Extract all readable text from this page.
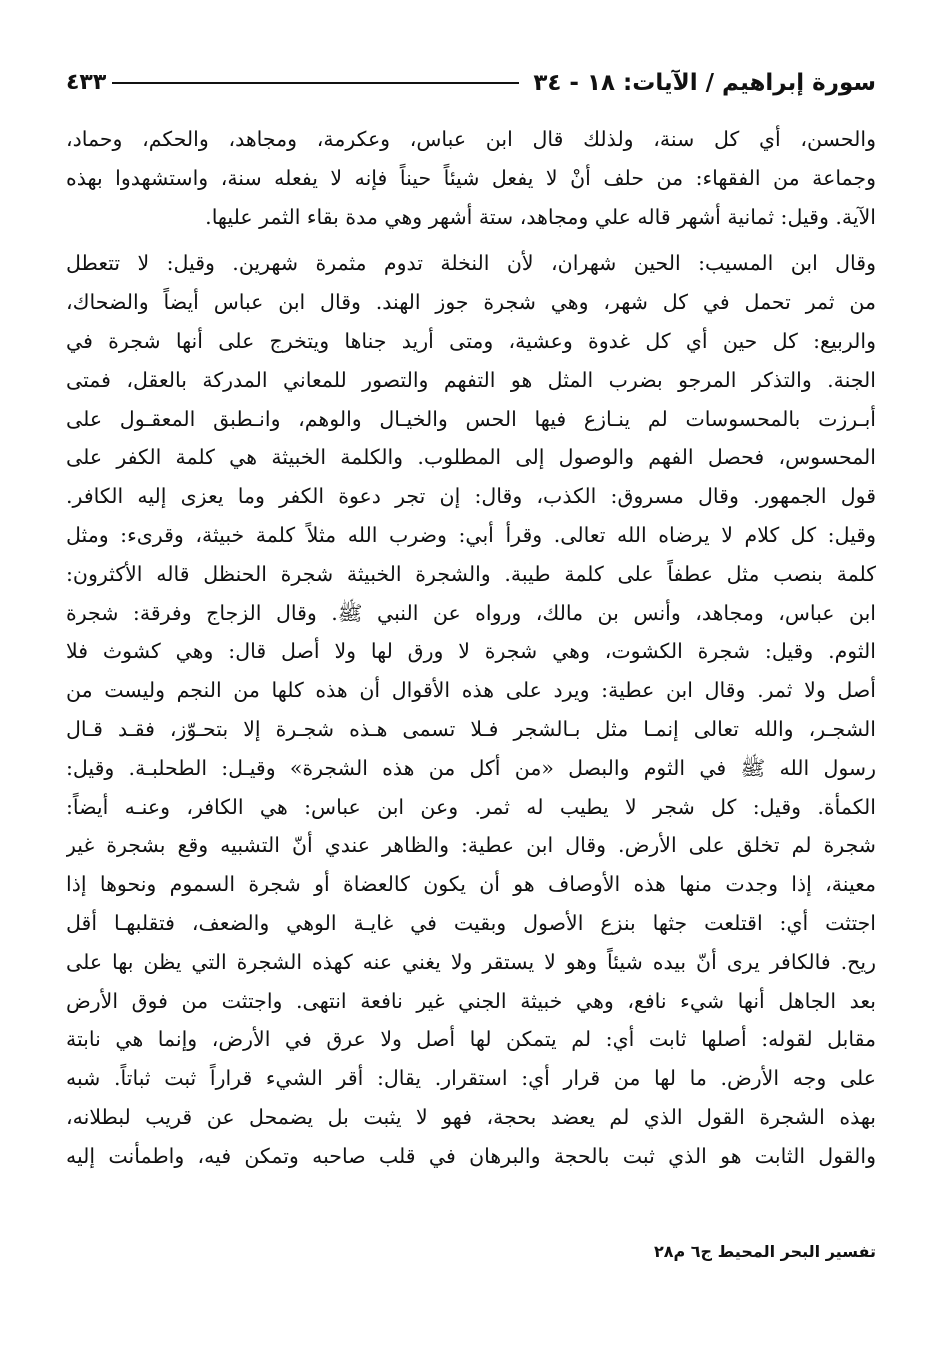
سورة إبراهيم / الآيات: ١٨ - ٣٤
٤٣٣
والحسن، أي كل سنة، ولذلك قال ابن عباس، وعكرمة، ومجاهد، والحكم، وحماد،
وجماعة من الفقهاء: من حلف أنْ لا يفعل شيئاً حيناً فإنه لا يفعله سنة، واستشهدوا بهذه
الآية. وقيل: ثمانية أشهر قاله علي ومجاهد، ستة أشهر وهي مدة بقاء الثمر عليها.
وقال ابن المسيب: الحين شهران، لأن النخلة تدوم مثمرة شهرين. وقيل: لا تتعطل
من ثمر تحمل في كل شهر، وهي شجرة جوز الهند. وقال ابن عباس أيضاً والضحاك،
والربيع: كل حين أي كل غدوة وعشية، ومتى أريد جناها ويتخرج على أنها شجرة في
الجنة. والتذكر المرجو بضرب المثل هو التفهم والتصور للمعاني المدركة بالعقل، فمتى
أبـرزت بالمحسوسات لم ينـازع فيها الحس والخيـال والوهم، وانـطبق المعقـول على
المحسوس، فحصل الفهم والوصول إلى المطلوب. والكلمة الخبيثة هي كلمة الكفر على
قول الجمهور. وقال مسروق: الكذب، وقال: إن تجر دعوة الكفر وما يعزى إليه الكافر.
وقيل: كل كلام لا يرضاه الله تعالى. وقرأ أبي: وضرب الله مثلاً كلمة خبيثة، وقرىء: ومثل
كلمة بنصب مثل عطفاً على كلمة طيبة. والشجرة الخبيثة شجرة الحنظل قاله الأكثرون:
ابن عباس، ومجاهد، وأنس بن مالك، ورواه عن النبي ﷺ. وقال الزجاج وفرقة: شجرة
الثوم. وقيل: شجرة الكشوت، وهي شجرة لا ورق لها ولا أصل قال: وهي كشوث فلا
أصل ولا ثمر. وقال ابن عطية: ويرد على هذه الأقوال أن هذه كلها من النجم وليست من
الشجـر، والله تعالى إنمـا مثل بـالشجر فـلا تسمى هـذه شجـرة إلا بتحـوّز، فقـد قـال
رسول الله ﷺ في الثوم والبصل «من أكل من هذه الشجرة» وقيـل: الطحلبـة. وقيل:
الكمأة. وقيل: كل شجر لا يطيب له ثمر. وعن ابن عباس: هي الكافر، وعنـه أيضاً:
شجرة لم تخلق على الأرض. وقال ابن عطية: والظاهر عندي أنّ التشبيه وقع بشجرة غير
معينة، إذا وجدت منها هذه الأوصاف هو أن يكون كالعضاة أو شجرة السموم ونحوها إذا
اجتثت أي: اقتلعت جثها بنزع الأصول وبقيت في غايـة الوهي والضعف، فتقلبهـا أقل
ريح. فالكافر يرى أنّ بيده شيئاً وهو لا يستقر ولا يغني عنه كهذه الشجرة التي يظن بها على
بعد الجاهل أنها شيء نافع، وهي خبيثة الجني غير نافعة انتهى. واجتثت من فوق الأرض
مقابل لقوله: أصلها ثابت أي: لم يتمكن لها أصل ولا عرق في الأرض، وإنما هي نابتة
على وجه الأرض. ما لها من قرار أي: استقرار. يقال: أقر الشيء قراراً ثبت ثباتاً. شبه
بهذه الشجرة القول الذي لم يعضد بحجة، فهو لا يثبت بل يضمحل عن قريب لبطلانه،
والقول الثابت هو الذي ثبت بالحجة والبرهان في قلب صاحبه وتمكن فيه، واطمأنت إليه
تفسير البحر المحيط ج٦ م٢٨
